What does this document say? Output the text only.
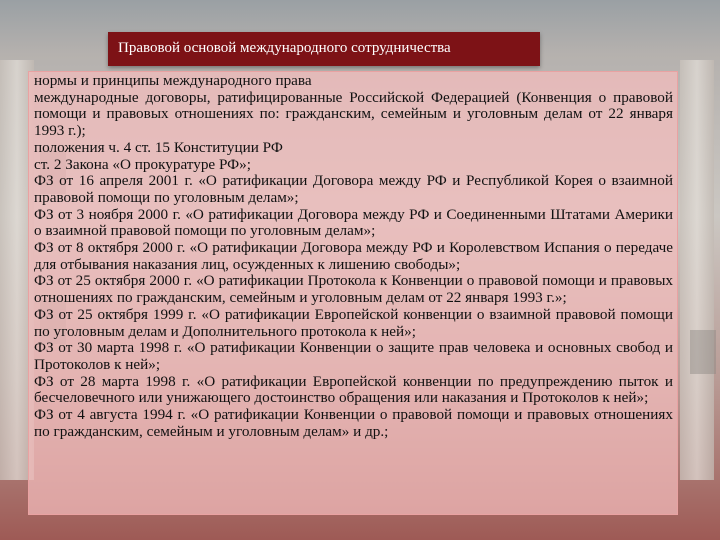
Правовой основой международного сотрудничества

нормы и принципы международного права

международные договоры, ратифицированные Российской Федерацией (Конвенция о правовой помощи и правовых отношениях по: гражданским, семейным и уголовным делам от 22 января 1993 г.);

положения ч. 4 ст. 15 Конституции РФ

ст. 2 Закона «О прокуратуре РФ»;

ФЗ от 16 апреля 2001 г. «О ратификации Договора между РФ и Республикой Корея о взаимной правовой помощи по уголовным делам»;

ФЗ от 3 ноября 2000 г. «О ратификации Договора между РФ и Соединенными Штатами Америки о взаимной правовой помощи по уголовным делам»;

ФЗ от 8 октября 2000 г. «О ратификации Договора между РФ и Королевством Испания о передаче для отбывания наказания лиц, осужденных к лишению свободы»;

ФЗ от 25 октября 2000 г. «О ратификации Протокола к Конвенции о правовой помощи и правовых отношениях по гражданским, семейным и уголовным делам от 22 января 1993 г.»;

ФЗ от 25 октября 1999 г. «О ратификации Европейской конвенции о взаимной правовой помощи по уголовным делам и Дополнительного протокола к ней»;

ФЗ от 30 марта 1998 г. «О ратификации Конвенции о защите прав человека и основных свобод и Протоколов к ней»;

ФЗ от 28 марта 1998 г. «О ратификации Европейской конвенции по предупреждению пыток и бесчеловечного или унижающего достоинство обращения или наказания и Протоколов к ней»;

ФЗ от 4 августа 1994 г. «О ратификации Конвенции о правовой помощи и правовых отношениях по гражданским, семейным и уголовным делам» и др.;
